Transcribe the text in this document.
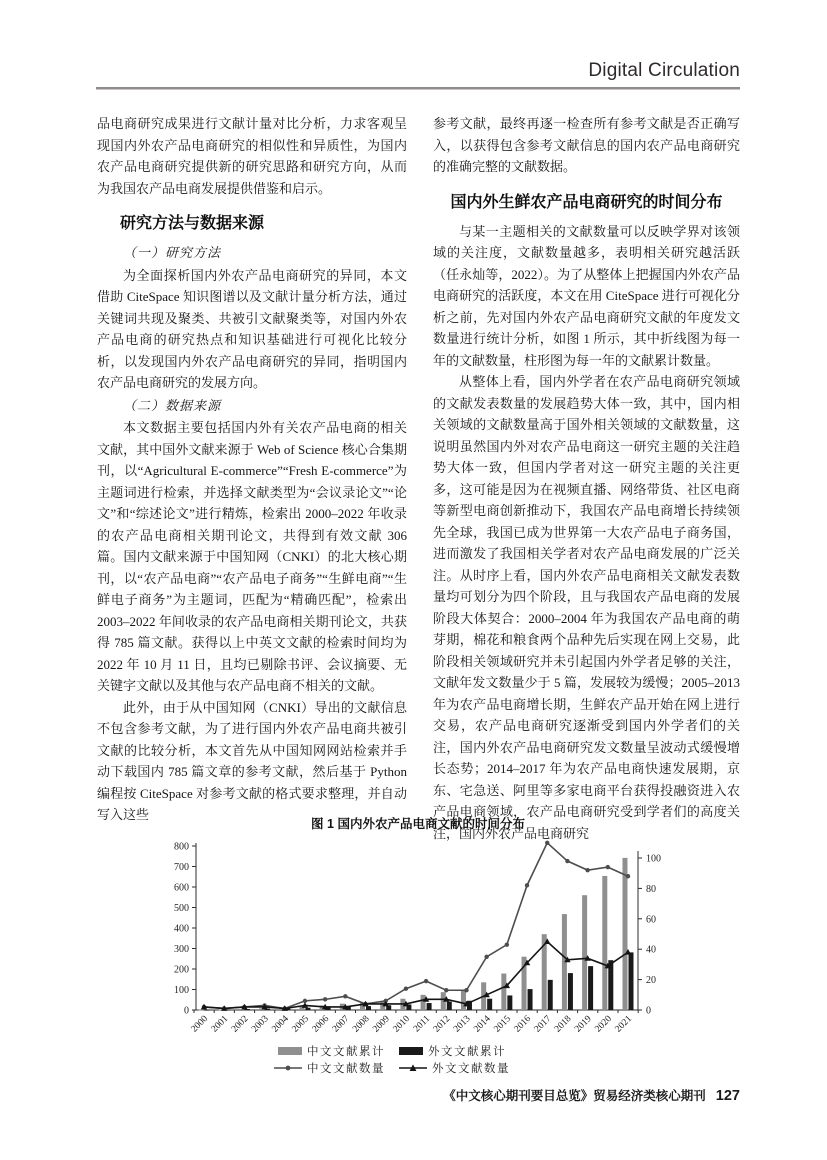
Digital Circulation

品电商研究成果进行文献计量对比分析，力求客观呈现国内外农产品电商研究的相似性和异质性，为国内农产品电商研究提供新的研究思路和研究方向，从而为我国农产品电商发展提供借鉴和启示。

研究方法与数据来源
（一）研究方法

为全面探析国内外农产品电商研究的异同，本文借助 CiteSpace 知识图谱以及文献计量分析方法，通过关键词共现及聚类、共被引文献聚类等，对国内外农产品电商的研究热点和知识基础进行可视化比较分析，以发现国内外农产品电商研究的异同，指明国内农产品电商研究的发展方向。

（二）数据来源

本文数据主要包括国内外有关农产品电商的相关文献，其中国外文献来源于 Web of Science 核心合集期刊，以“Agricultural E-commerce”“Fresh E-commerce”为主题词进行检索，并选择文献类型为“会议录论文”“论文”和“综述论文”进行精炼，检索出 2000–2022 年收录的农产品电商相关期刊论文，共得到有效文献 306 篇。国内文献来源于中国知网（CNKI）的北大核心期刊，以“农产品电商”“农产品电子商务”“生鲜电商”“生鲜电子商务”为主题词，匹配为“精确匹配”，检索出 2003–2022 年间收录的农产品电商相关期刊论文，共获得 785 篇文献。获得以上中英文文献的检索时间均为 2022 年 10 月 11 日，且均已剔除书评、会议摘要、无关键字文献以及其他与农产品电商不相关的文献。

此外，由于从中国知网（CNKI）导出的文献信息不包含参考文献，为了进行国内外农产品电商共被引文献的比较分析，本文首先从中国知网网站检索并手动下载国内 785 篇文章的参考文献，然后基于 Python 编程按 CiteSpace 对参考文献的格式要求整理，并自动写入这些

参考文献，最终再逐一检查所有参考文献是否正确写入，以获得包含参考文献信息的国内农产品电商研究的准确完整的文献数据。

国内外生鲜农产品电商研究的时间分布

与某一主题相关的文献数量可以反映学界对该领域的关注度，文献数量越多，表明相关研究越活跃（任永灿等，2022）。为了从整体上把握国内外农产品电商研究的活跃度，本文在用 CiteSpace 进行可视化分析之前，先对国内外农产品电商研究文献的年度发文数量进行统计分析，如图 1 所示，其中折线图为每一年的文献数量，柱形图为每一年的文献累计数量。

从整体上看，国内外学者在农产品电商研究领域的文献发表数量的发展趋势大体一致，其中，国内相关领域的文献数量高于国外相关领域的文献数量，这说明虽然国内外对农产品电商这一研究主题的关注趋势大体一致，但国内学者对这一研究主题的关注更多，这可能是因为在视频直播、网络带货、社区电商等新型电商创新推动下，我国农产品电商增长持续领先全球，我国已成为世界第一大农产品电子商务国，进而激发了我国相关学者对农产品电商发展的广泛关注。从时序上看，国内外农产品电商相关文献发表数量均可划分为四个阶段，且与我国农产品电商的发展阶段大体契合：2000–2004 年为我国农产品电商的萌芽期，棉花和粮食两个品种先后实现在网上交易，此阶段相关领域研究并未引起国内外学者足够的关注，文献年发文数量少于 5 篇，发展较为缓慢；2005–2013 年为农产品电商增长期，生鲜农产品开始在网上进行交易，农产品电商研究逐渐受到国内外学者们的关注，国内外农产品电商研究发文数量呈波动式缓慢增长态势；2014–2017 年为农产品电商快速发展期，京东、宅急送、阿里等多家电商平台获得投融资进入农产品电商领域，农产品电商研究受到学者们的高度关注，国内外农产品电商研究

图 1 国内外农产品电商文献的时间分布
0
100
200
300
400
500
600
700
800
0
20
40
60
80
100
2000 2001 2002 2003 2004 2005 2006 2007 2008 2009 2010 2011 2012 2013 2014 2015 2016 2017 2018 2019 2020 2021
中文文献累计	外文文献累计
中文文献数量	外文文献数量
《中文核心期刊要目总览》贸易经济类核心期刊 127
